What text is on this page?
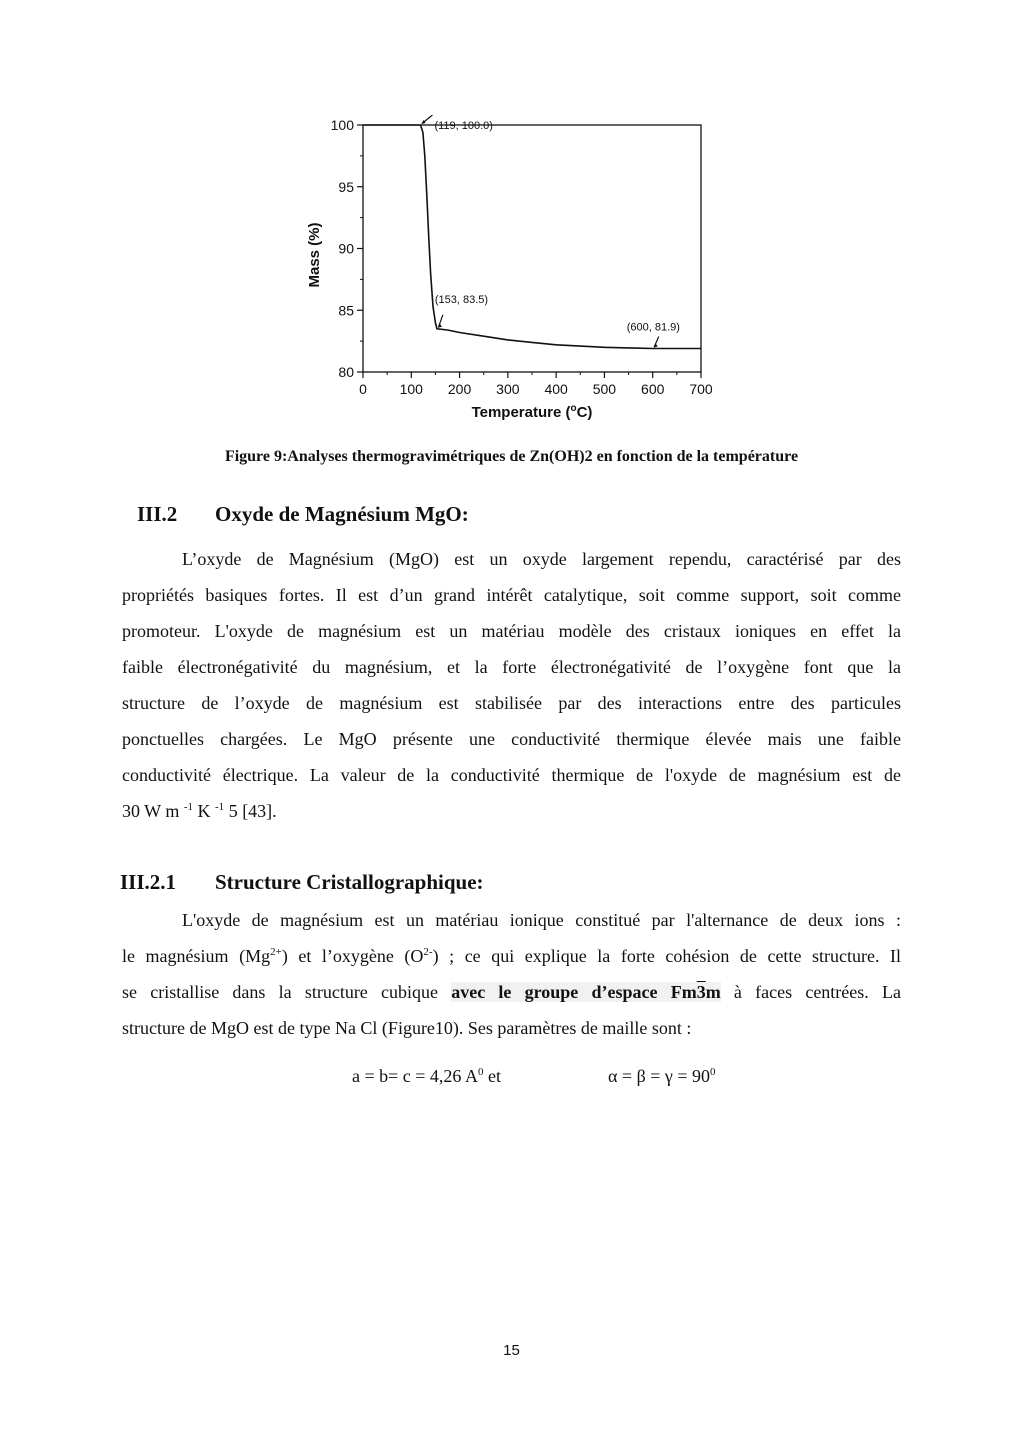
0 100 200 300 400 500 600 700
80
85
90
95
100	(119, 100.0)
(153, 83.5)
(600, 81.9)
Mass (%)
Temperature ($^o$C)
Figure 9:Analyses thermogravimétriques de Zn(OH)2 en fonction de la température
III.2 Oxyde de Magnésium MgO:
L’oxyde de Magnésium (MgO) est un oxyde largement rependu, caractérisé par des
propriétés basiques fortes. Il est d’un grand intérêt catalytique, soit comme support, soit comme
promoteur. L'oxyde de magnésium est un matériau modèle des cristaux ioniques en effet la
faible électronégativité du magnésium, et la forte électronégativité de l’oxygène font que la
structure de l’oxyde de magnésium est stabilisée par des interactions entre des particules
ponctuelles chargées. Le MgO présente une conductivité thermique élevée mais une faible
conductivité électrique. La valeur de la conductivité thermique de l'oxyde de magnésium est de
30 W m $^{-1}$ K $^{-1}$ 5 [43].
III.2.1 Structure Cristallographique:
L'oxyde de magnésium est un matériau ionique constitué par l'alternance de deux ions :
le magnésium $(Mg^{2+})$ et l’oxygène $(O^{2-})$ ; ce qui explique la forte cohésion de cette structure. Il
se cristallise dans la structure cubique avec le groupe d’espace Fm3m à faces centrées. La
structure de MgO est de type Na Cl (Figure10). Ses paramètres de maille sont :
a = b= c = 4,26 $A^0$ et	$\alpha = \beta = \gamma = 90^0$
15
